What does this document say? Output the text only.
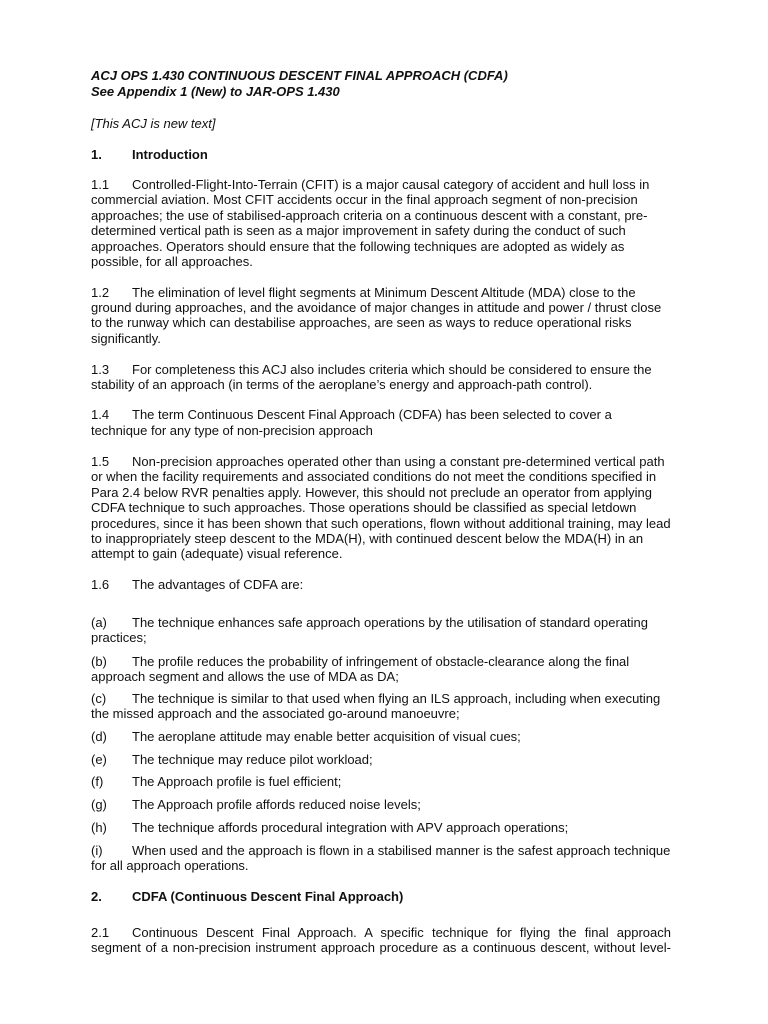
ACJ OPS 1.430 CONTINUOUS DESCENT FINAL APPROACH (CDFA)
See Appendix 1 (New) to JAR-OPS 1.430
[This ACJ is new text]
1. Introduction
1.1 Controlled-Flight-Into-Terrain (CFIT) is a major causal category of accident and hull loss in
commercial aviation. Most CFIT accidents occur in the final approach segment of non-precision
approaches; the use of stabilised-approach criteria on a continuous descent with a constant, pre-
determined vertical path is seen as a major improvement in safety during the conduct of such
approaches. Operators should ensure that the following techniques are adopted as widely as
possible, for all approaches.
1.2 The elimination of level flight segments at Minimum Descent Altitude (MDA) close to the
ground during approaches, and the avoidance of major changes in attitude and power / thrust close
to the runway which can destabilise approaches, are seen as ways to reduce operational risks
significantly.
1.3 For completeness this ACJ also includes criteria which should be considered to ensure the
stability of an approach (in terms of the aeroplane’s energy and approach-path control).
1.4 The term Continuous Descent Final Approach (CDFA) has been selected to cover a
technique for any type of non-precision approach
1.5 Non-precision approaches operated other than using a constant pre-determined vertical path
or when the facility requirements and associated conditions do not meet the conditions specified in
Para 2.4 below RVR penalties apply. However, this should not preclude an operator from applying
CDFA technique to such approaches. Those operations should be classified as special letdown
procedures, since it has been shown that such operations, flown without additional training, may lead
to inappropriately steep descent to the MDA(H), with continued descent below the MDA(H) in an
attempt to gain (adequate) visual reference.
1.6 The advantages of CDFA are:
(a) The technique enhances safe approach operations by the utilisation of standard operating
practices;
(b) The profile reduces the probability of infringement of obstacle-clearance along the final
approach segment and allows the use of MDA as DA;
(c) The technique is similar to that used when flying an ILS approach, including when executing
the missed approach and the associated go-around manoeuvre;
(d) The aeroplane attitude may enable better acquisition of visual cues;
(e) The technique may reduce pilot workload;
(f) The Approach profile is fuel efficient;
(g) The Approach profile affords reduced noise levels;
(h) The technique affords procedural integration with APV approach operations;
(i) When used and the approach is flown in a stabilised manner is the safest approach technique
for all approach operations.
2. CDFA (Continuous Descent Final Approach)
2.1 Continuous Descent Final Approach. A specific technique for flying the final approach
segment of a non-precision instrument approach procedure as a continuous descent, without level-
